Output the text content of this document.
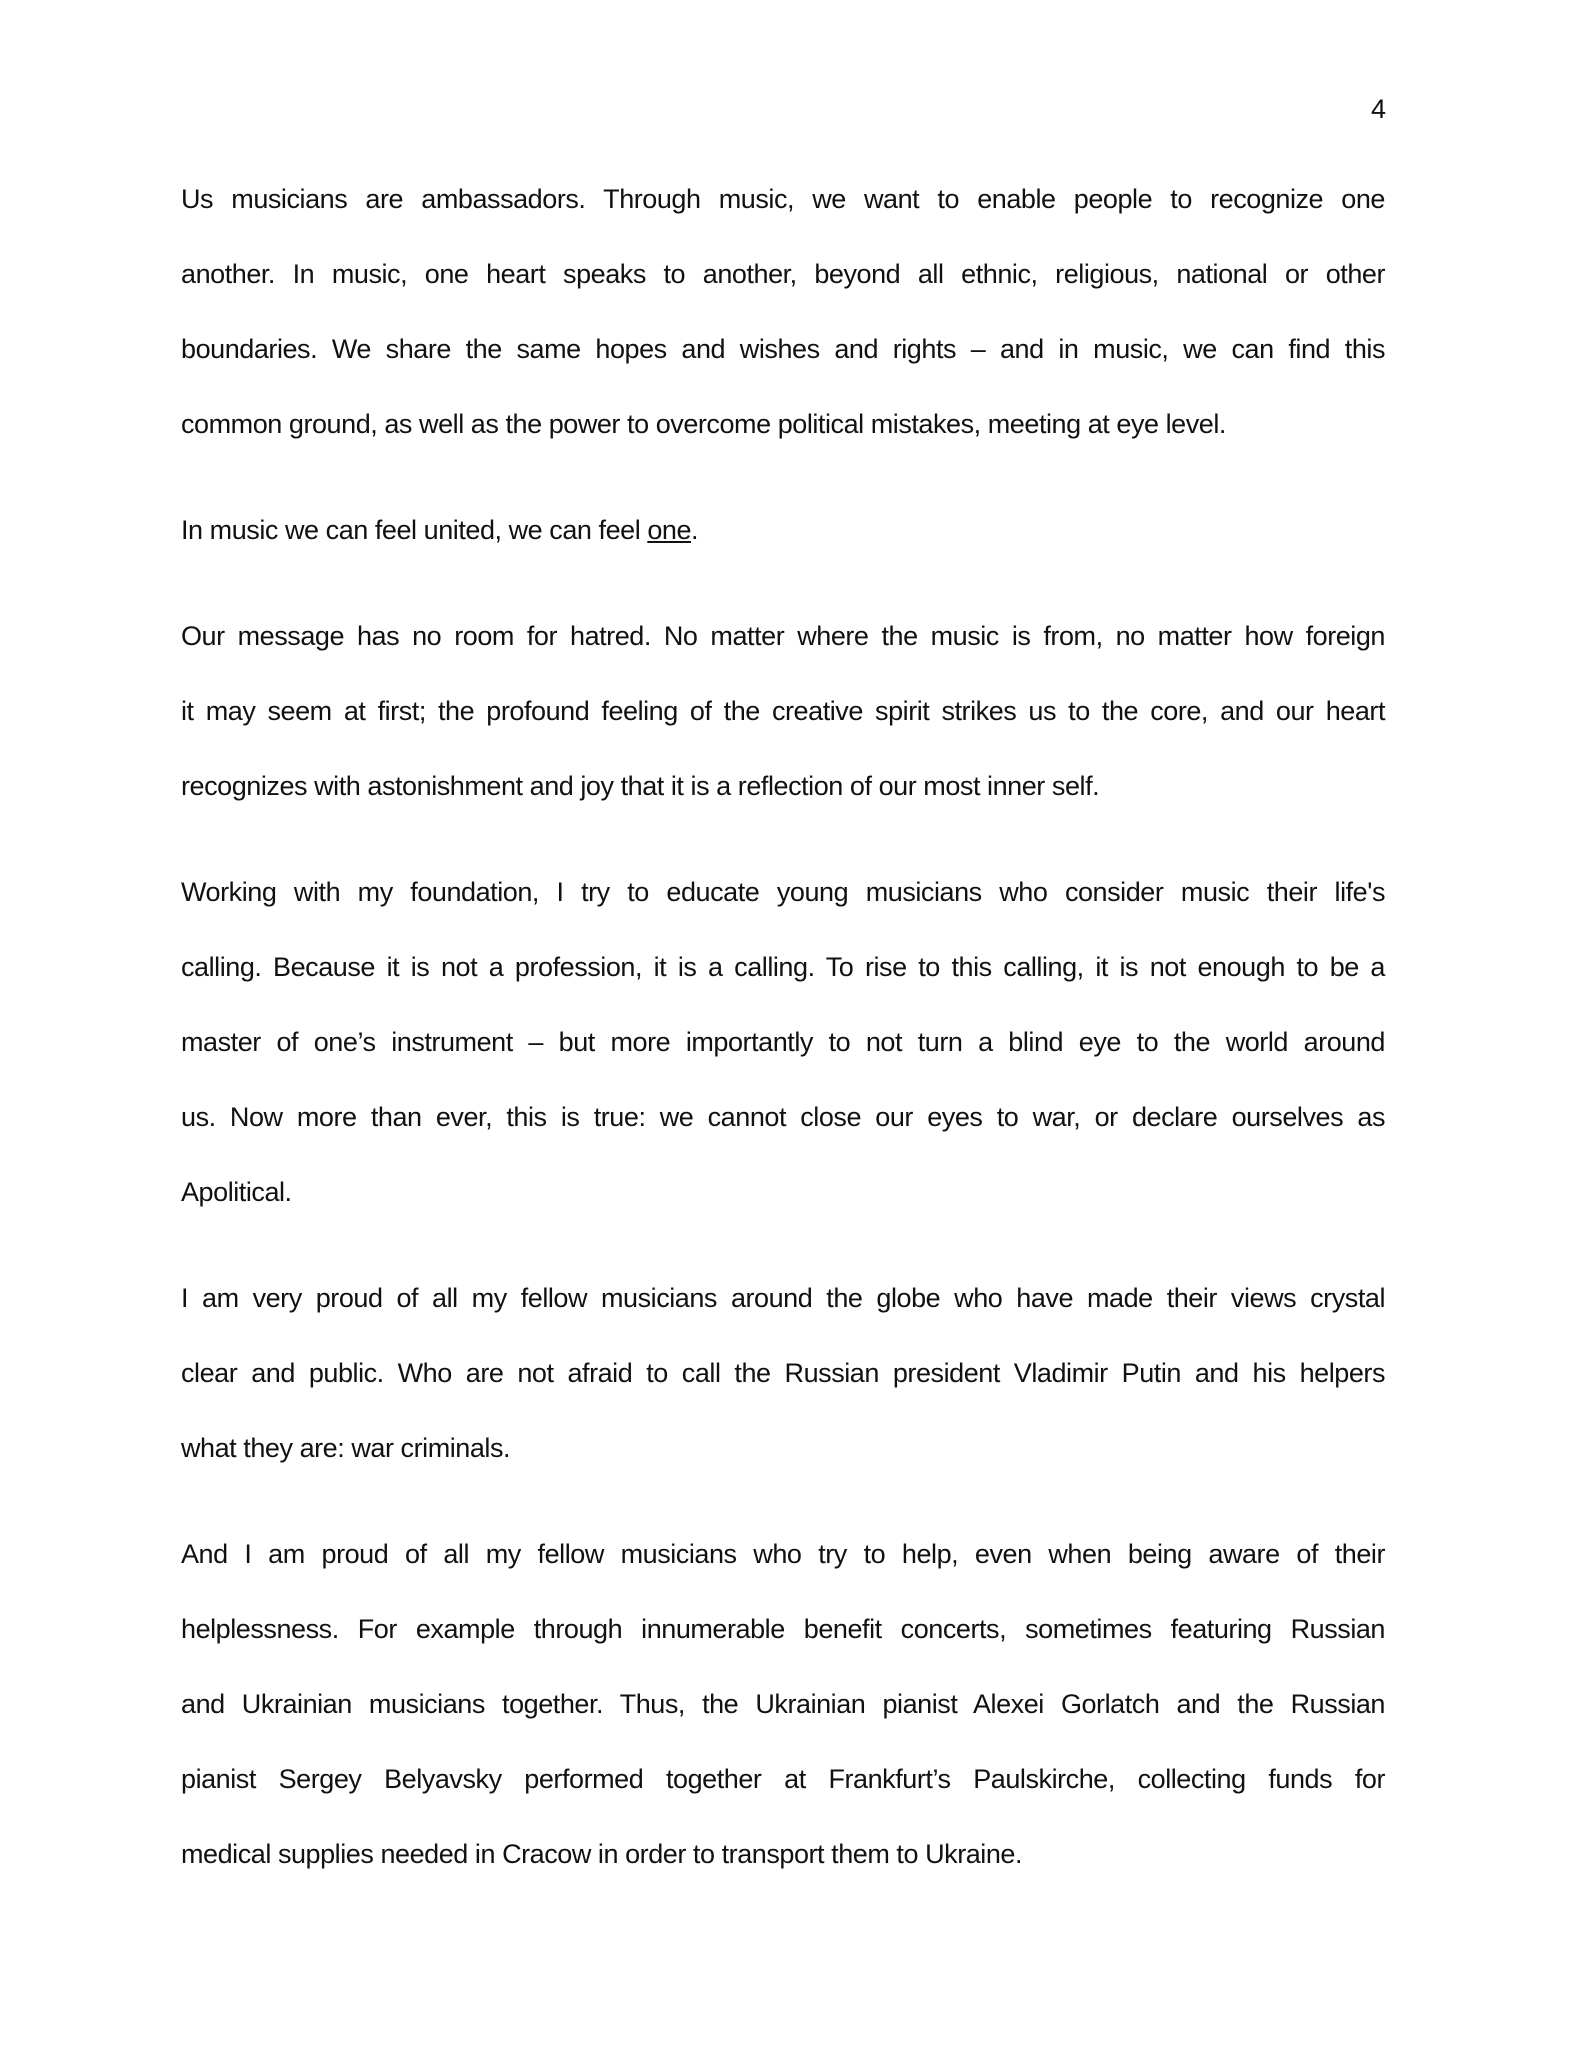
4
Us musicians are ambassadors. Through music, we want to enable people to recognize one
another. In music, one heart speaks to another, beyond all ethnic, religious, national or other
boundaries. We share the same hopes and wishes and rights – and in music, we can find this
common ground, as well as the power to overcome political mistakes, meeting at eye level.
In music we can feel united, we can feel one.
Our message has no room for hatred. No matter where the music is from, no matter how foreign
it may seem at first; the profound feeling of the creative spirit strikes us to the core, and our heart
recognizes with astonishment and joy that it is a reflection of our most inner self.
Working with my foundation, I try to educate young musicians who consider music their life's
calling. Because it is not a profession, it is a calling. To rise to this calling, it is not enough to be a
master of one’s instrument – but more importantly to not turn a blind eye to the world around
us. Now more than ever, this is true: we cannot close our eyes to war, or declare ourselves as
Apolitical.
I am very proud of all my fellow musicians around the globe who have made their views crystal
clear and public. Who are not afraid to call the Russian president Vladimir Putin and his helpers
what they are: war criminals.
And I am proud of all my fellow musicians who try to help, even when being aware of their
helplessness. For example through innumerable benefit concerts, sometimes featuring Russian
and Ukrainian musicians together. Thus, the Ukrainian pianist Alexei Gorlatch and the Russian
pianist Sergey Belyavsky performed together at Frankfurt’s Paulskirche, collecting funds for
medical supplies needed in Cracow in order to transport them to Ukraine.
